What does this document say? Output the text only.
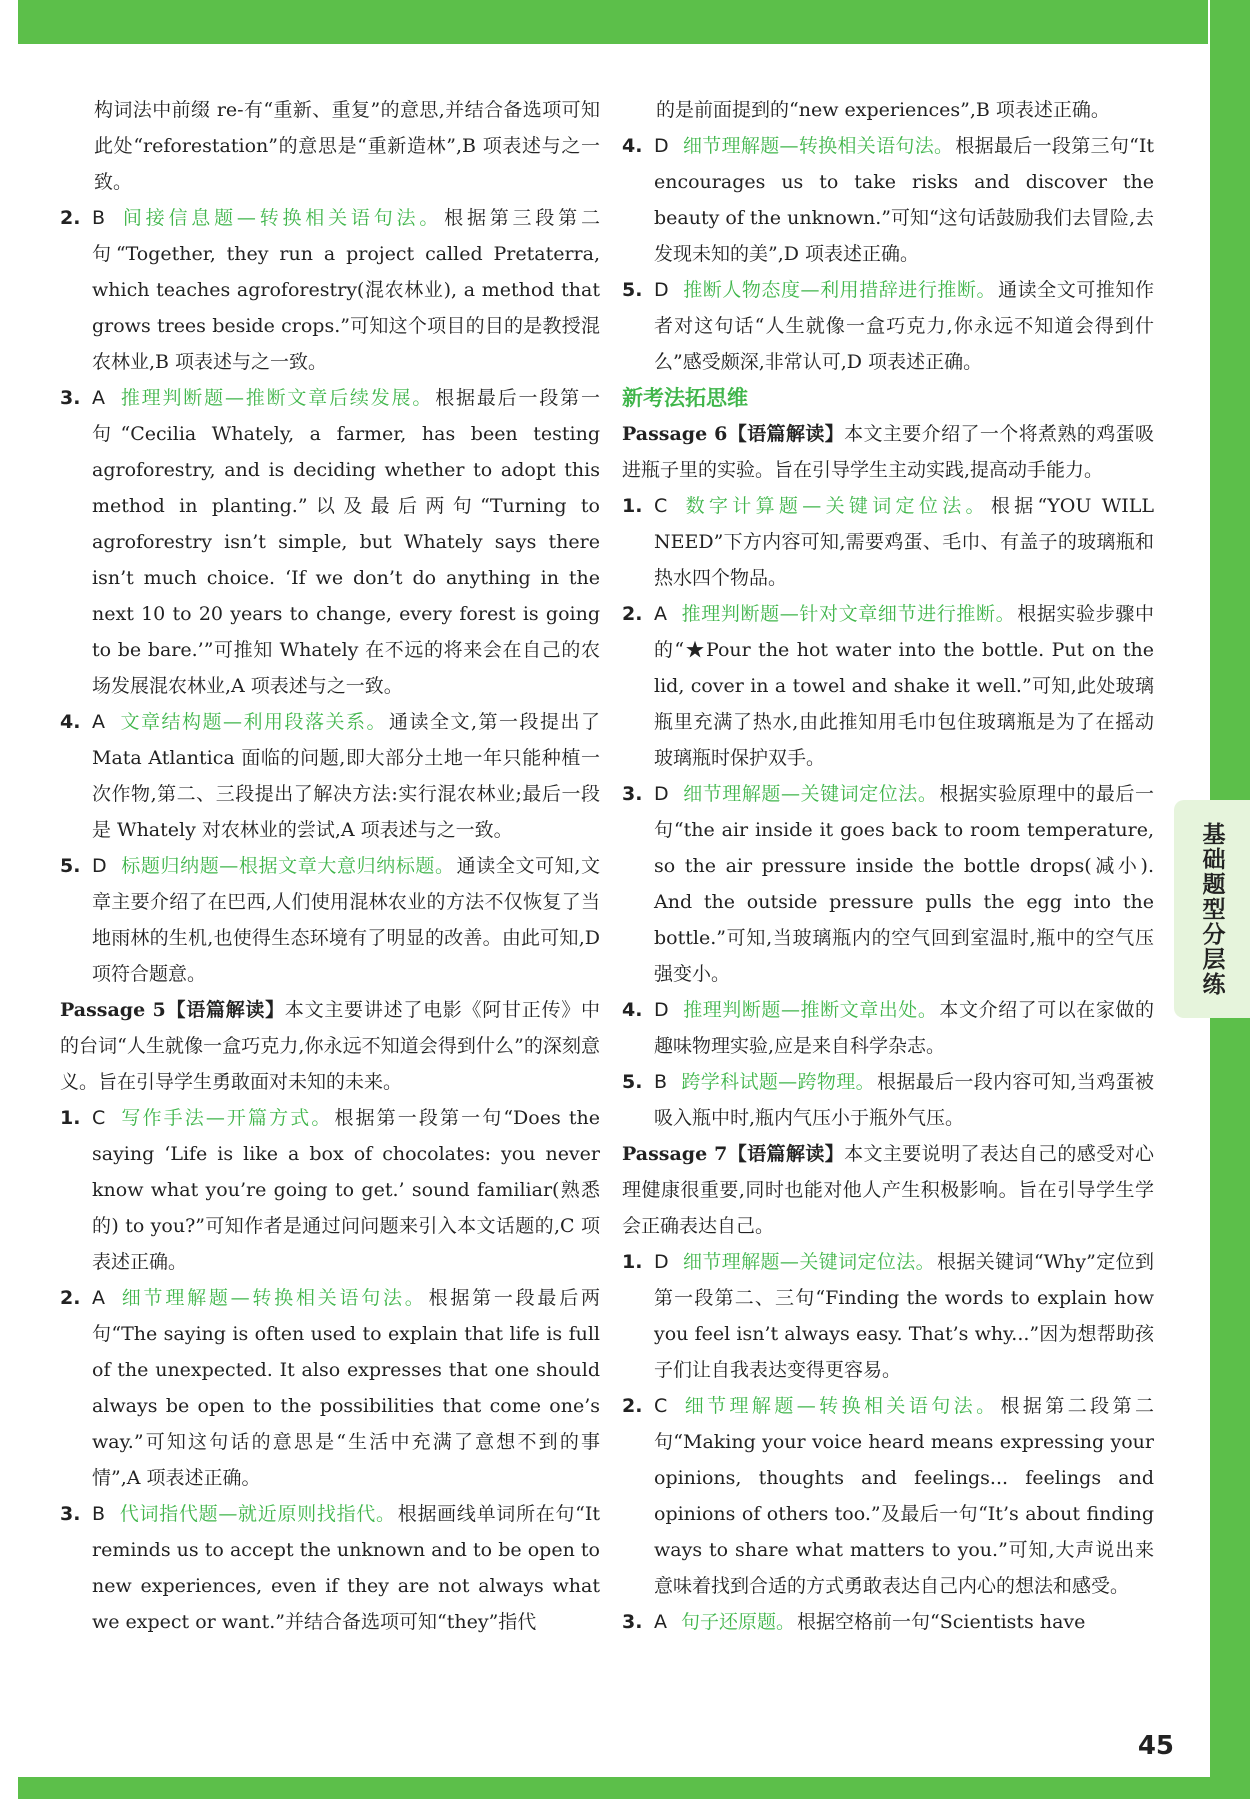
基础题型分层练
45

构词法中前缀 re-有“重新、重复”的意思,并结合备选项可知此处“reforestation”的意思是“重新造林”,B 项表述与之一致。

2. B 间接信息题—转换相关语句法。 根据第三段第二句“Together, they run a project called Pretaterra, which teaches agroforestry(混农林业), a method that grows trees beside crops.”可知这个项目的目的是教授混农林业,B 项表述与之一致。
3. A 推理判断题—推断文章后续发展。 根据最后一段第一句“Cecilia Whately, a farmer, has been testing agroforestry, and is deciding whether to adopt this method in planting.”以及最后两句“Turning to agroforestry isn’t simple, but Whately says there isn’t much choice. ‘If we don’t do anything in the next 10 to 20 years to change, every forest is going to be bare.’”可推知 Whately 在不远的将来会在自己的农场发展混农林业,A 项表述与之一致。
4. A 文章结构题—利用段落关系。 通读全文,第一段提出了 Mata Atlantica 面临的问题,即大部分土地一年只能种植一次作物,第二、三段提出了解决方法:实行混农林业;最后一段是 Whately 对农林业的尝试,A 项表述与之一致。
5. D 标题归纳题—根据文章大意归纳标题。 通读全文可知,文章主要介绍了在巴西,人们使用混林农业的方法不仅恢复了当地雨林的生机,也使得生态环境有了明显的改善。由此可知,D 项符合题意。

Passage 5【语篇解读】本文主要讲述了电影《阿甘正传》中的台词“人生就像一盒巧克力,你永远不知道会得到什么”的深刻意义。旨在引导学生勇敢面对未知的未来。

1. C 写作手法—开篇方式。 根据第一段第一句“Does the saying ‘Life is like a box of chocolates: you never know what you’re going to get.’ sound familiar(熟悉的) to you?”可知作者是通过问问题来引入本文话题的,C 项表述正确。
2. A 细节理解题—转换相关语句法。 根据第一段最后两句“The saying is often used to explain that life is full of the unexpected. It also expresses that one should always be open to the possibilities that come one’s way.”可知这句话的意思是“生活中充满了意想不到的事情”,A 项表述正确。
3. B 代词指代题—就近原则找指代。 根据画线单词所在句“It reminds us to accept the unknown and to be open to new experiences, even if they are not always what we expect or want.”并结合备选项可知“they”指代

的是前面提到的“new experiences”,B 项表述正确。

4. D 细节理解题—转换相关语句法。 根据最后一段第三句“It encourages us to take risks and discover the beauty of the unknown.”可知“这句话鼓励我们去冒险,去发现未知的美”,D 项表述正确。
5. D 推断人物态度—利用措辞进行推断。 通读全文可推知作者对这句话“人生就像一盒巧克力,你永远不知道会得到什么”感受颇深,非常认可,D 项表述正确。

新考法拓思维

Passage 6【语篇解读】本文主要介绍了一个将煮熟的鸡蛋吸进瓶子里的实验。旨在引导学生主动实践,提高动手能力。

1. C 数字计算题—关键词定位法。 根据“YOU WILL NEED”下方内容可知,需要鸡蛋、毛巾、有盖子的玻璃瓶和热水四个物品。
2. A 推理判断题—针对文章细节进行推断。 根据实验步骤中的“★Pour the hot water into the bottle. Put on the lid, cover in a towel and shake it well.”可知,此处玻璃瓶里充满了热水,由此推知用毛巾包住玻璃瓶是为了在摇动玻璃瓶时保护双手。
3. D 细节理解题—关键词定位法。 根据实验原理中的最后一句“the air inside it goes back to room temperature, so the air pressure inside the bottle drops(减小). And the outside pressure pulls the egg into the bottle.”可知,当玻璃瓶内的空气回到室温时,瓶中的空气压强变小。
4. D 推理判断题—推断文章出处。 本文介绍了可以在家做的趣味物理实验,应是来自科学杂志。
5. B 跨学科试题—跨物理。 根据最后一段内容可知,当鸡蛋被吸入瓶中时,瓶内气压小于瓶外气压。

Passage 7【语篇解读】本文主要说明了表达自己的感受对心理健康很重要,同时也能对他人产生积极影响。旨在引导学生学会正确表达自己。

1. D 细节理解题—关键词定位法。 根据关键词“Why”定位到第一段第二、三句“Finding the words to explain how you feel isn’t always easy. That’s why...”因为想帮助孩子们让自我表达变得更容易。
2. C 细节理解题—转换相关语句法。 根据第二段第二句“Making your voice heard means expressing your opinions, thoughts and feelings... feelings and opinions of others too.”及最后一句“It’s about finding ways to share what matters to you.”可知,大声说出来意味着找到合适的方式勇敢表达自己内心的想法和感受。
3. A 句子还原题。 根据空格前一句“Scientists have
